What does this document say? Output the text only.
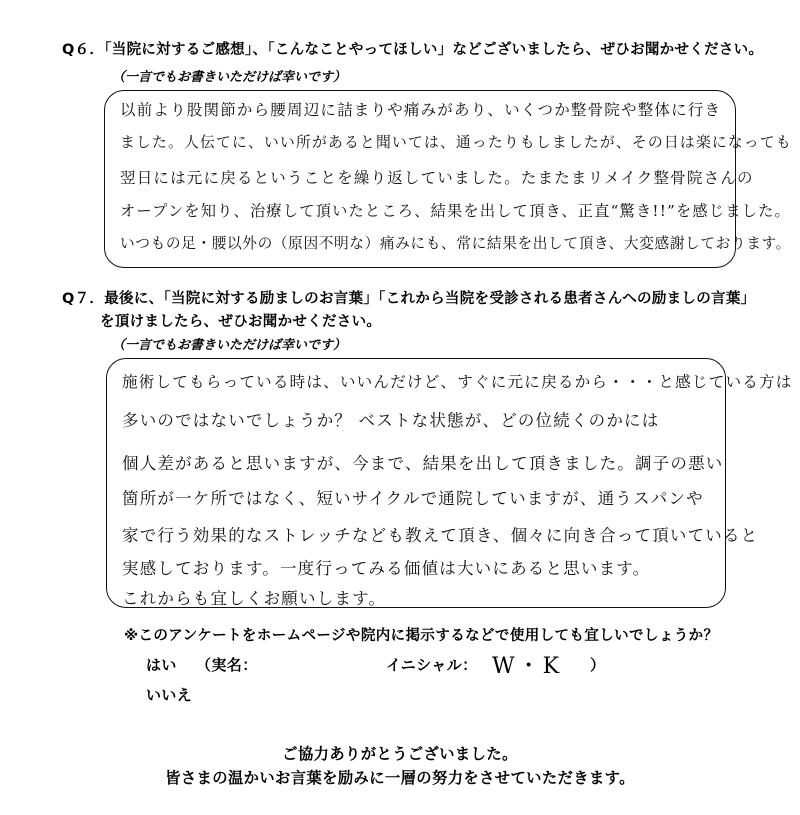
Q６．「当院に対するご感想」、「こんなことやってほしい」などございましたら、ぜひお聞かせください。
（一言でもお書きいただけば幸いです）
以前より股関節から腰周辺に詰まりや痛みがあり、いくつか整骨院や整体に行き
ました。人伝てに、いい所があると聞いては、通ったりもしましたが、その日は楽になっても
翌日には元に戻るということを繰り返していました。たまたまリメイク整骨院さんの
オープンを知り、治療して頂いたところ、結果を出して頂き、正直“驚き!!”を感じました。
いつもの足・腰以外の（原因不明な）痛みにも、常に結果を出して頂き、大変感謝しております。
Q７．最後に、「当院に対する励ましのお言葉」「これから当院を受診される患者さんへの励ましの言葉」
を頂けましたら、ぜひお聞かせください。
（一言でもお書きいただけば幸いです）
施術してもらっている時は、いいんだけど、すぐに元に戻るから・・・と感じている方は
多いのではないでしょうか？ ベストな状態が、どの位続くのかには
個人差があると思いますが、今まで、結果を出して頂きました。調子の悪い
箇所が一ケ所ではなく、短いサイクルで通院していますが、通うスパンや
家で行う効果的なストレッチなども教えて頂き、個々に向き合って頂いていると
実感しております。一度行ってみる価値は大いにあると思います。
これからも宜しくお願いします。
※このアンケートをホームページや院内に掲示するなどで使用しても宜しいでしょうか？
はい （実名：	イニシャル： W・K ）
いいえ
ご協力ありがとうございました。
皆さまの温かいお言葉を励みに一層の努力をさせていただきます。
